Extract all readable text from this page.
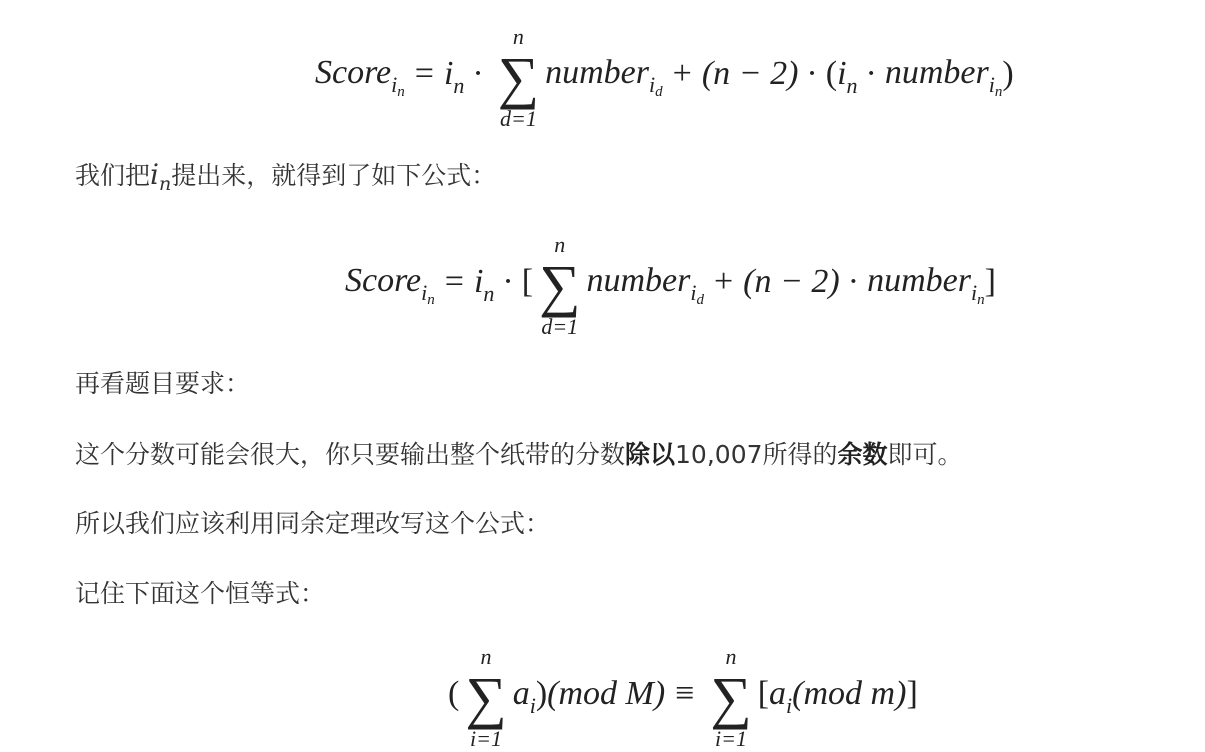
Score$_{i_n}$ = $i_n$ ·
n
∑
d=1
number$_{i_d}$ + (n − 2) · ( $i_n$ · number$_{i_n}$ )
我们把$i_n$提出来，就得到了如下公式：
Score$_{i_n}$ = $i_n$ · [
n
∑
d=1
number$_{i_d}$ + (n − 2) · number$_{i_n}$ ]
再看题目要求：
这个分数可能会很大，你只要输出整个纸带的分数除以10,007所得的余数即可。
所以我们应该利用同余定理改写这个公式：
记住下面这个恒等式：
(
n
∑
i=1
$a_i$ ) (mod M) ≡
n
∑
i=1
[ $a_i$ (mod m) ]
